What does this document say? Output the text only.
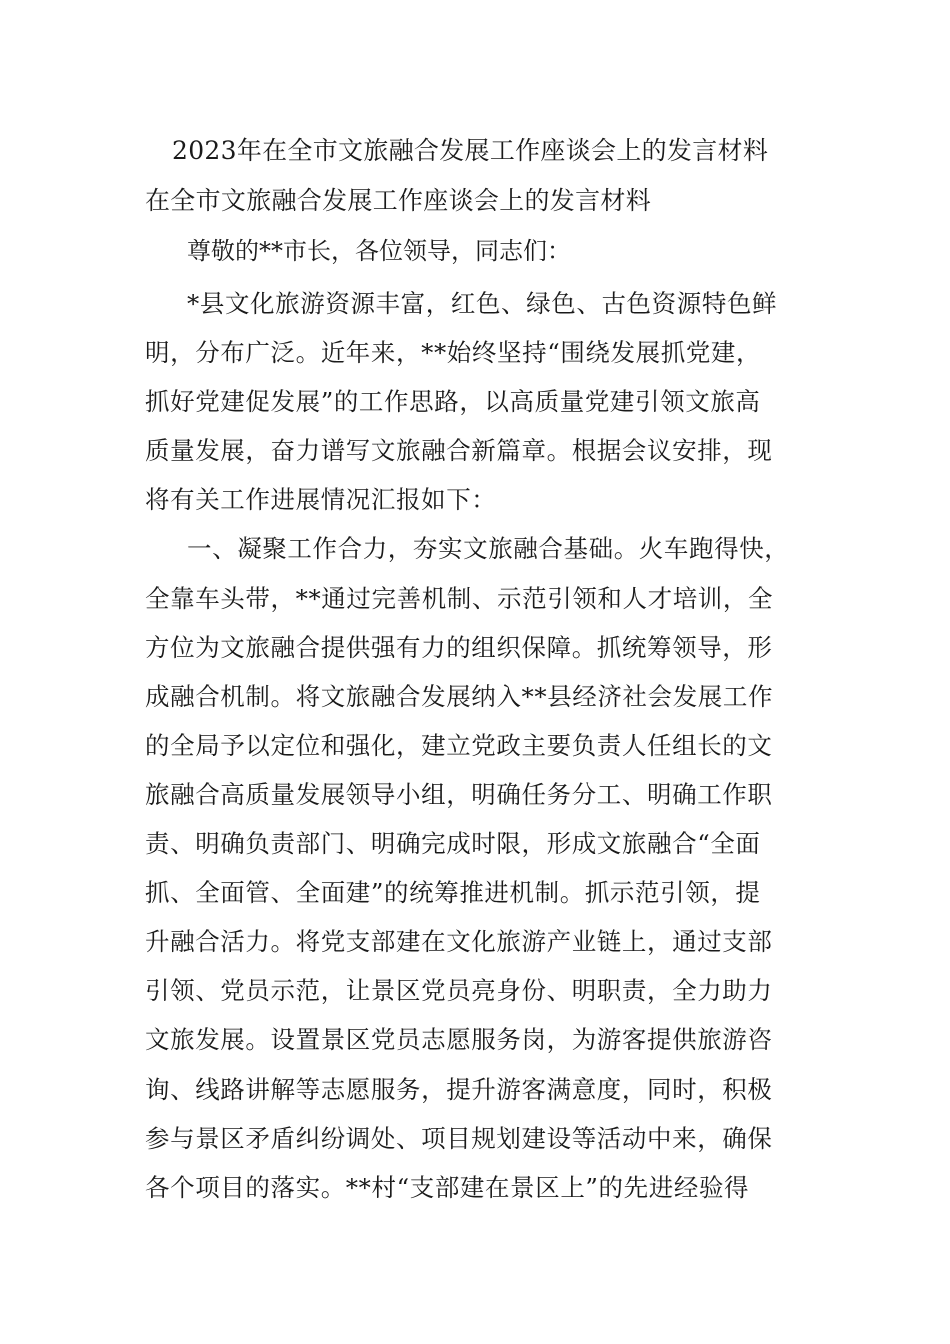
2023年在全市文旅融合发展工作座谈会上的发言材料
在全市文旅融合发展工作座谈会上的发言材料
尊敬的**市长，各位领导，同志们：
*县文化旅游资源丰富，红色、绿色、古色资源特色鲜
明，分布广泛。近年来，**始终坚持“围绕发展抓党建，
抓好党建促发展”的工作思路，以高质量党建引领文旅高
质量发展，奋力谱写文旅融合新篇章。根据会议安排，现
将有关工作进展情况汇报如下：
一、凝聚工作合力，夯实文旅融合基础。火车跑得快，
全靠车头带，**通过完善机制、示范引领和人才培训，全
方位为文旅融合提供强有力的组织保障。抓统筹领导，形
成融合机制。将文旅融合发展纳入**县经济社会发展工作
的全局予以定位和强化，建立党政主要负责人任组长的文
旅融合高质量发展领导小组，明确任务分工、明确工作职
责、明确负责部门、明确完成时限，形成文旅融合“全面
抓、全面管、全面建”的统筹推进机制。抓示范引领，提
升融合活力。将党支部建在文化旅游产业链上，通过支部
引领、党员示范，让景区党员亮身份、明职责，全力助力
文旅发展。设置景区党员志愿服务岗，为游客提供旅游咨
询、线路讲解等志愿服务，提升游客满意度，同时，积极
参与景区矛盾纠纷调处、项目规划建设等活动中来，确保
各个项目的落实。**村“支部建在景区上”的先进经验得
